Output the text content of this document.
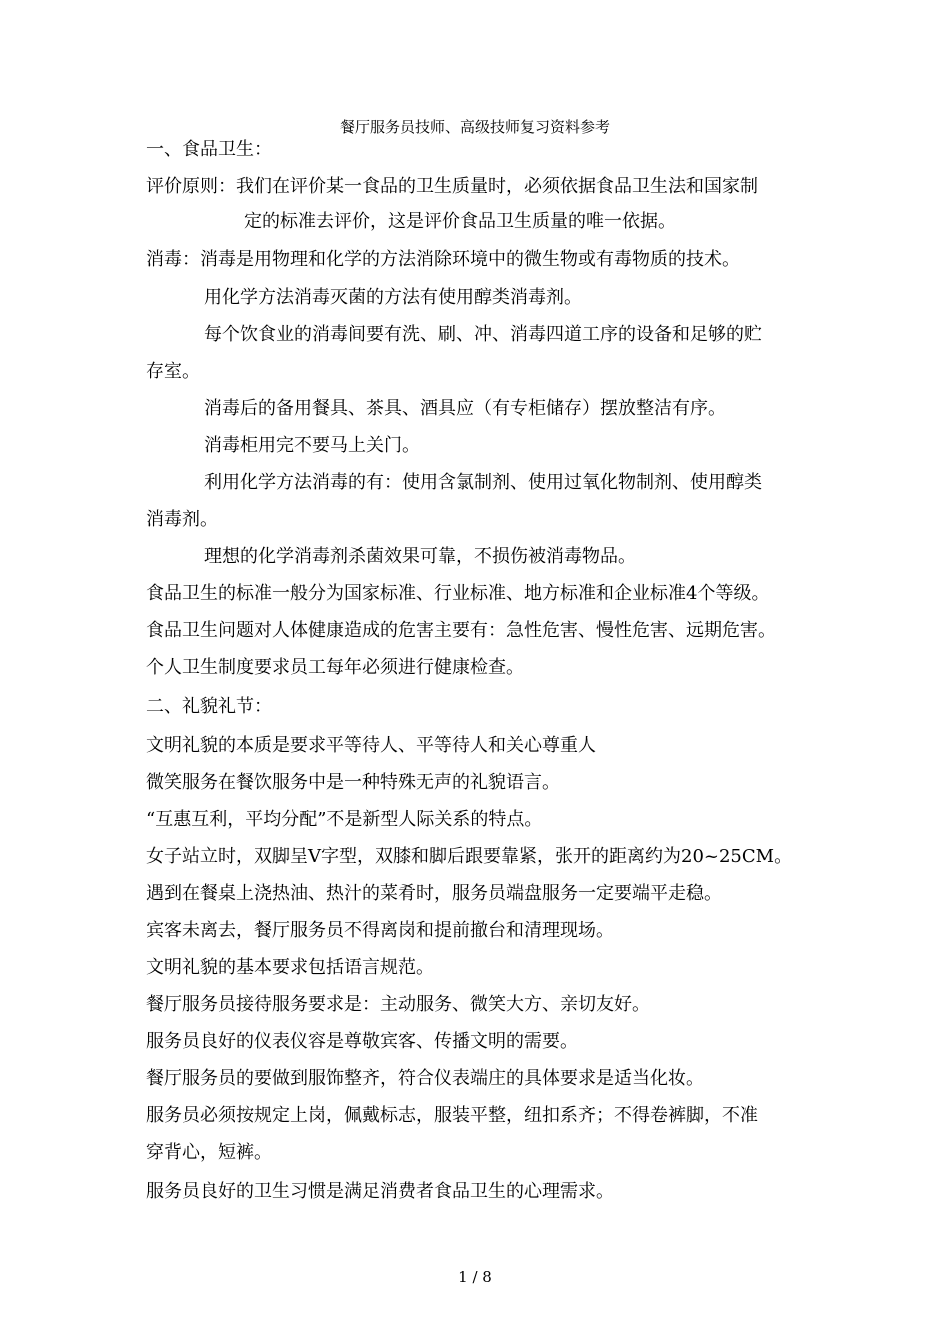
餐厅服务员技师、高级技师复习资料参考
一、食品卫生：
评价原则：我们在评价某一食品的卫生质量时，必须依据食品卫生法和国家制
定的标准去评价，这是评价食品卫生质量的唯一依据。
消毒：消毒是用物理和化学的方法消除环境中的微生物或有毒物质的技术。
用化学方法消毒灭菌的方法有使用醇类消毒剂。
每个饮食业的消毒间要有洗、刷、冲、消毒四道工序的设备和足够的贮
存室。
消毒后的备用餐具、茶具、酒具应（有专柜储存）摆放整洁有序。
消毒柜用完不要马上关门。
利用化学方法消毒的有：使用含氯制剂、使用过氧化物制剂、使用醇类
消毒剂。
理想的化学消毒剂杀菌效果可靠，不损伤被消毒物品。
食品卫生的标准一般分为国家标准、行业标准、地方标准和企业标准4个等级。
食品卫生问题对人体健康造成的危害主要有：急性危害、慢性危害、远期危害。
个人卫生制度要求员工每年必须进行健康检查。
二、礼貌礼节：
文明礼貌的本质是要求平等待人、平等待人和关心尊重人
微笑服务在餐饮服务中是一种特殊无声的礼貌语言。
“互惠互利，平均分配”不是新型人际关系的特点。
女子站立时，双脚呈V字型，双膝和脚后跟要靠紧，张开的距离约为20~25CM。
遇到在餐桌上浇热油、热汁的菜肴时，服务员端盘服务一定要端平走稳。
宾客未离去，餐厅服务员不得离岗和提前撤台和清理现场。
文明礼貌的基本要求包括语言规范。
餐厅服务员接待服务要求是：主动服务、微笑大方、亲切友好。
服务员良好的仪表仪容是尊敬宾客、传播文明的需要。
餐厅服务员的要做到服饰整齐，符合仪表端庄的具体要求是适当化妆。
服务员必须按规定上岗，佩戴标志，服装平整，纽扣系齐；不得卷裤脚，不准
穿背心，短裤。
服务员良好的卫生习惯是满足消费者食品卫生的心理需求。
1 / 8
